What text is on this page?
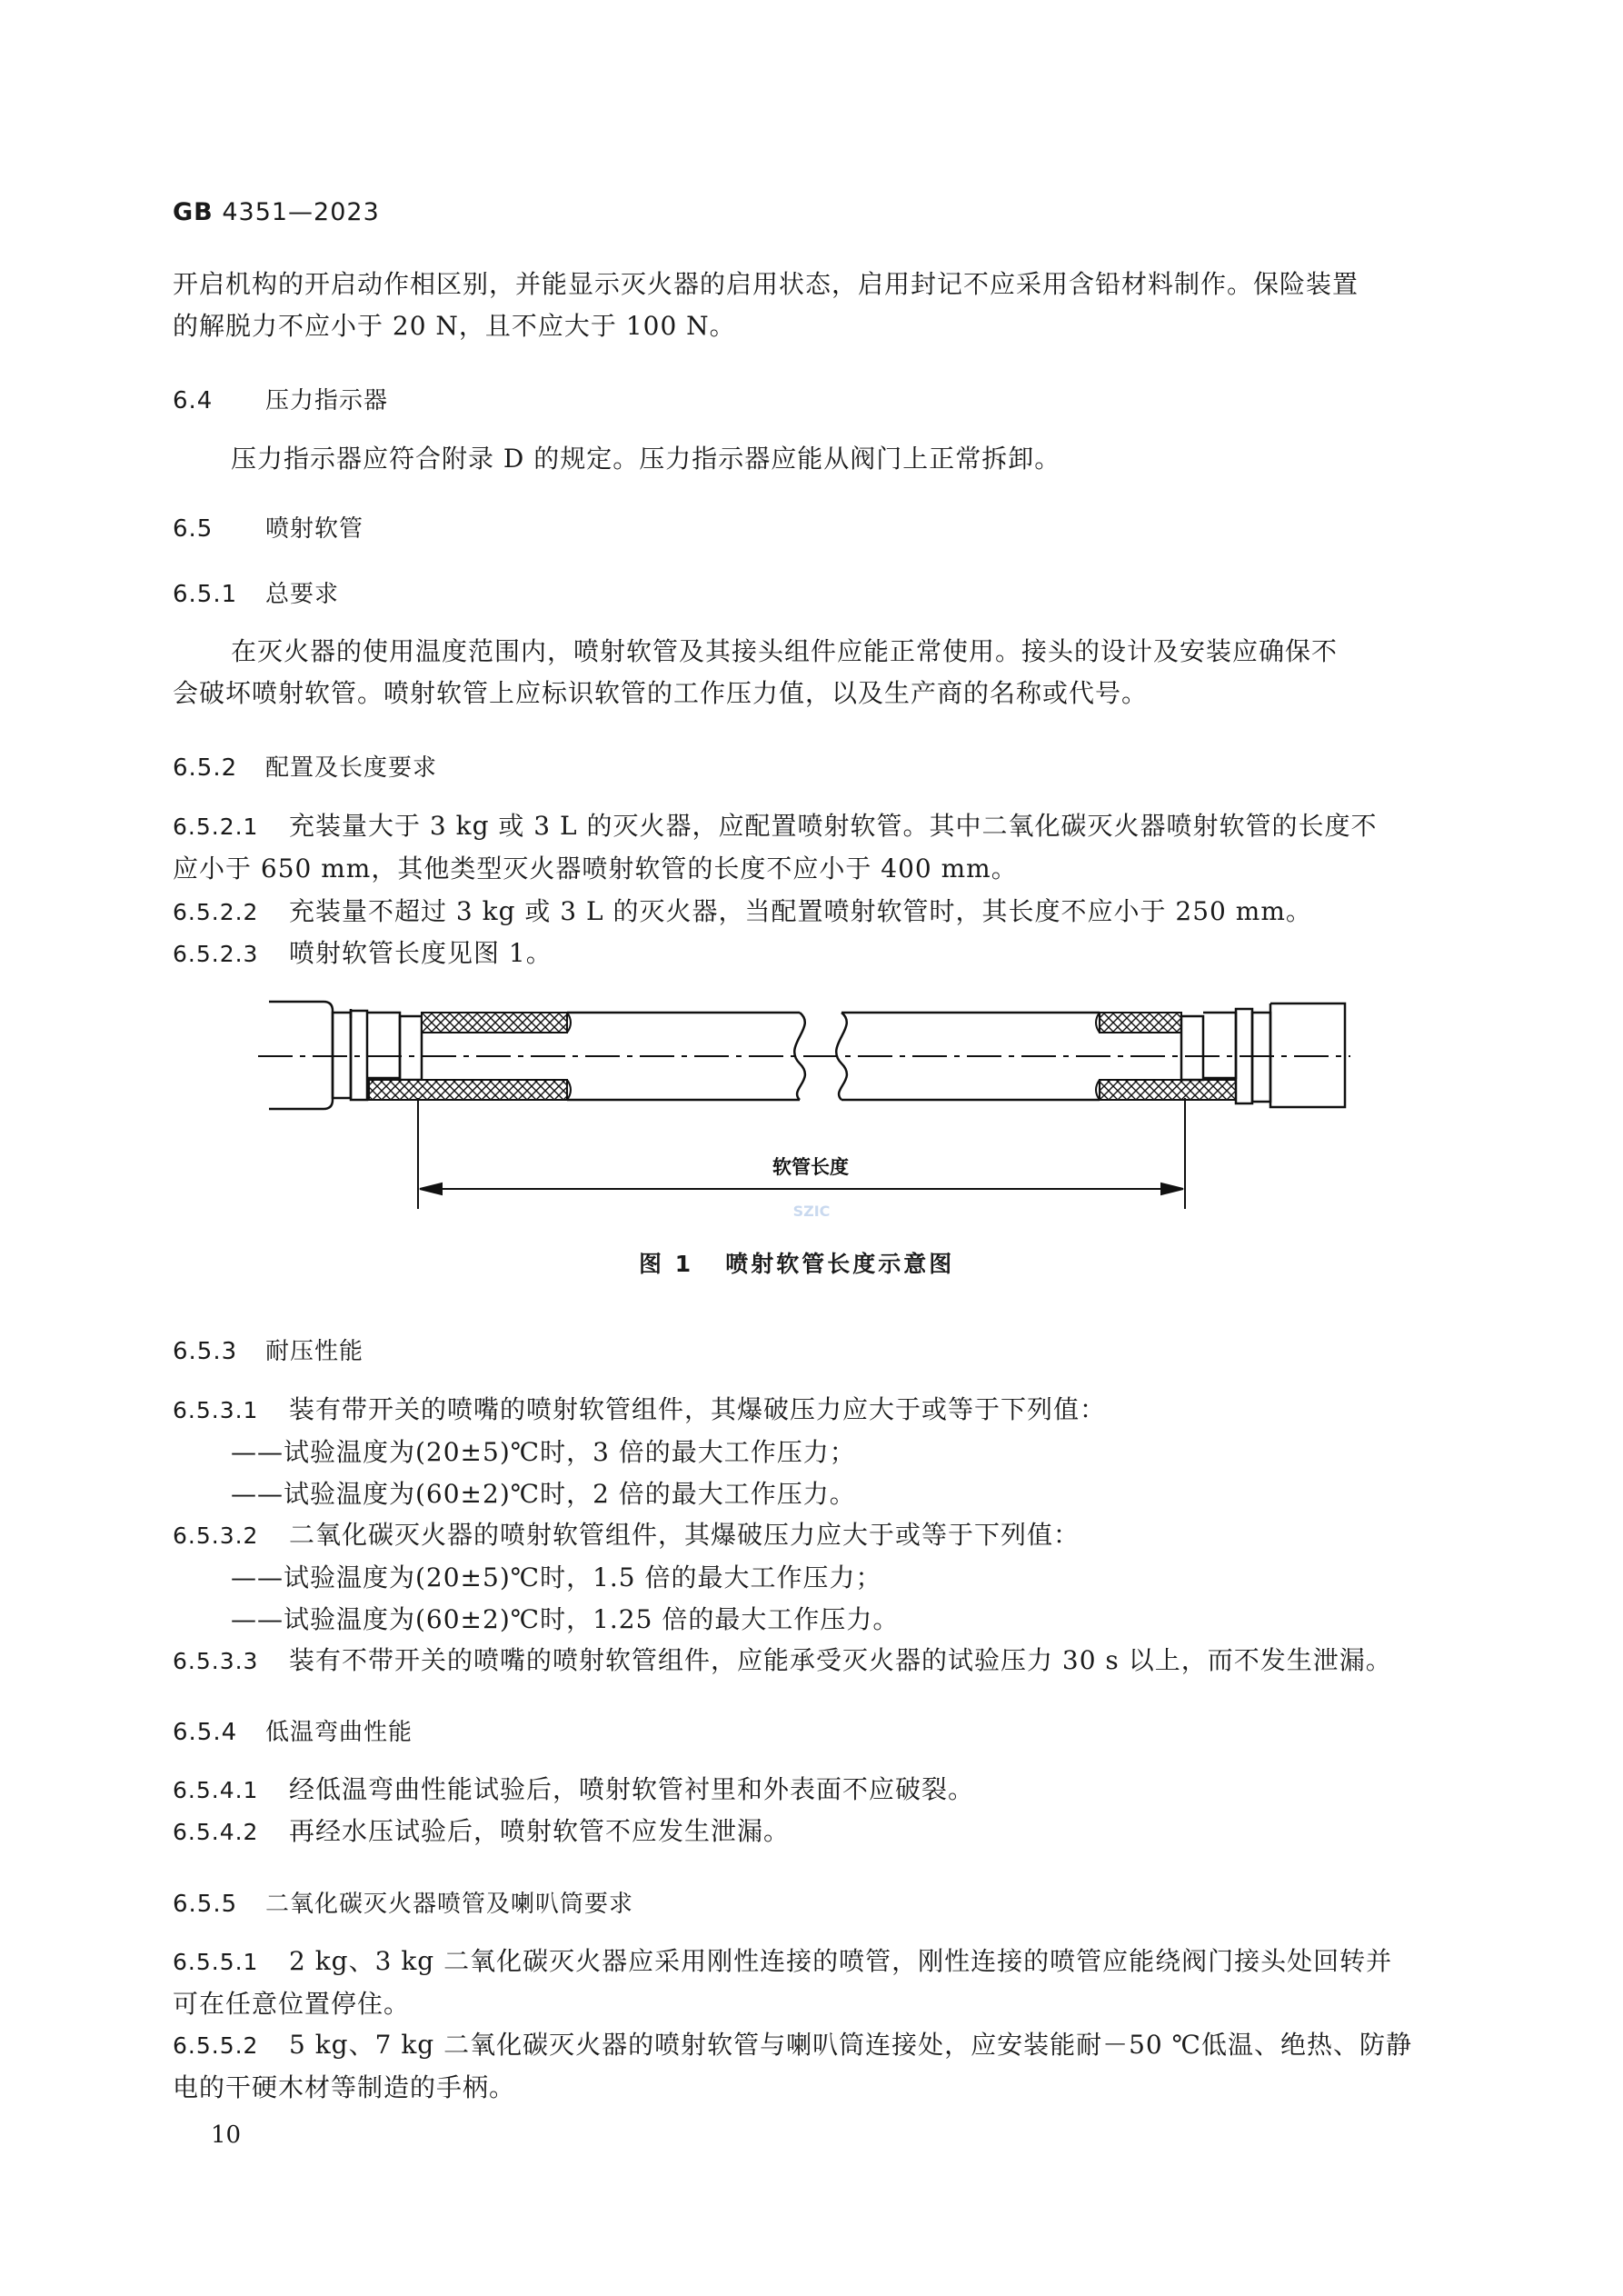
GB 4351—2023
开启机构的开启动作相区别，并能显示灭火器的启用状态，启用封记不应采用含铅材料制作。保险装置
的解脱力不应小于 20 N，且不应大于 100 N。
6.4 压力指示器
压力指示器应符合附录 D 的规定。压力指示器应能从阀门上正常拆卸。
6.5 喷射软管
6.5.1 总要求
在灭火器的使用温度范围内，喷射软管及其接头组件应能正常使用。接头的设计及安装应确保不
会破坏喷射软管。喷射软管上应标识软管的工作压力值，以及生产商的名称或代号。
6.5.2 配置及长度要求
6.5.2.1 充装量大于 3 kg 或 3 L 的灭火器，应配置喷射软管。其中二氧化碳灭火器喷射软管的长度不
应小于 650 mm，其他类型灭火器喷射软管的长度不应小于 400 mm。
6.5.2.2 充装量不超过 3 kg 或 3 L 的灭火器，当配置喷射软管时，其长度不应小于 250 mm。
6.5.2.3 喷射软管长度见图 1。
软管长度
SZIC
图 1 喷射软管长度示意图
6.5.3 耐压性能
6.5.3.1 装有带开关的喷嘴的喷射软管组件，其爆破压力应大于或等于下列值：
——试验温度为(20±5)℃时，3 倍的最大工作压力；
——试验温度为(60±2)℃时，2 倍的最大工作压力。
6.5.3.2 二氧化碳灭火器的喷射软管组件，其爆破压力应大于或等于下列值：
——试验温度为(20±5)℃时，1.5 倍的最大工作压力；
——试验温度为(60±2)℃时，1.25 倍的最大工作压力。
6.5.3.3 装有不带开关的喷嘴的喷射软管组件，应能承受灭火器的试验压力 30 s 以上，而不发生泄漏。
6.5.4 低温弯曲性能
6.5.4.1 经低温弯曲性能试验后，喷射软管衬里和外表面不应破裂。
6.5.4.2 再经水压试验后，喷射软管不应发生泄漏。
6.5.5 二氧化碳灭火器喷管及喇叭筒要求
6.5.5.1 2 kg、3 kg 二氧化碳灭火器应采用刚性连接的喷管，刚性连接的喷管应能绕阀门接头处回转并
可在任意位置停住。
6.5.5.2 5 kg、7 kg 二氧化碳灭火器的喷射软管与喇叭筒连接处，应安装能耐－50 ℃低温、绝热、防静
电的干硬木材等制造的手柄。
10
